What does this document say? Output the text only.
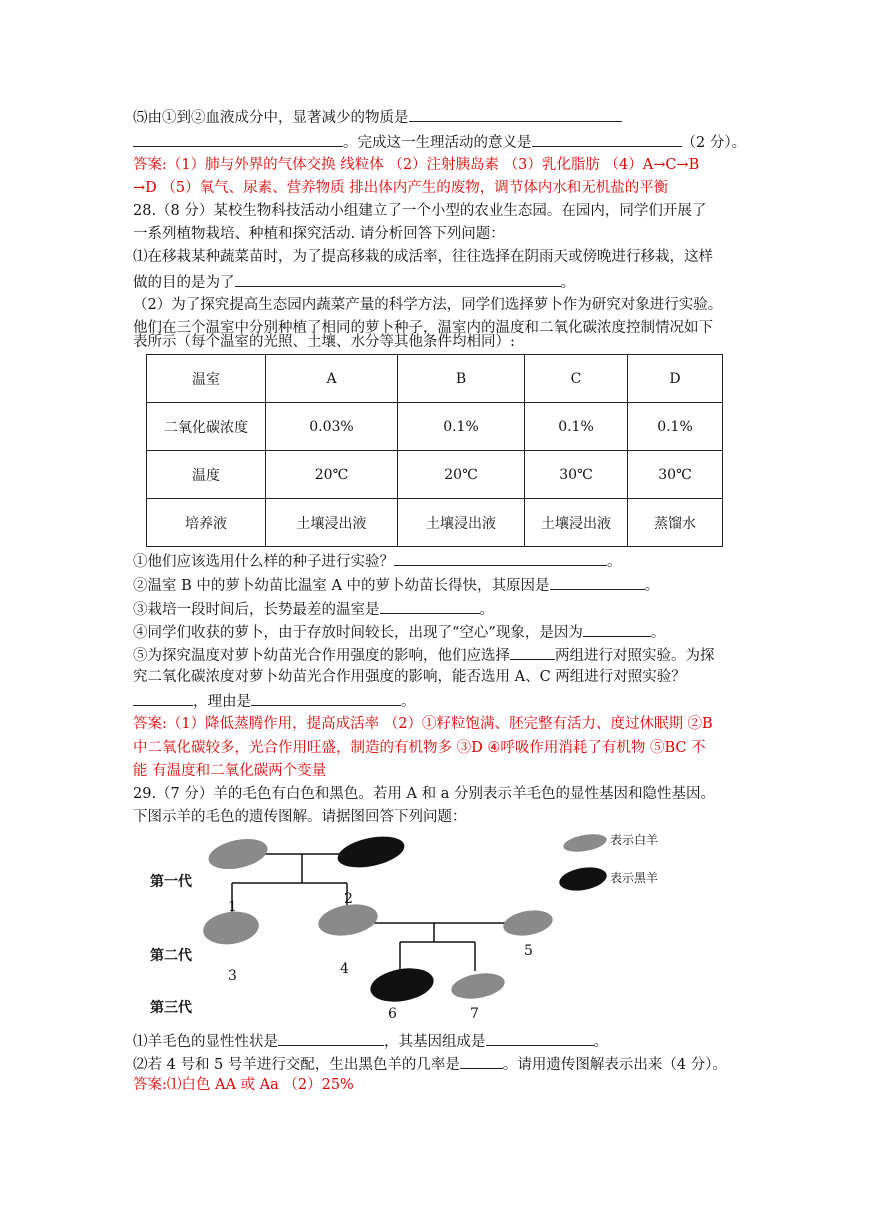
⑸由①到②血液成分中，显著减少的物质是
。完成这一生理活动的意义是	（2 分）。
答案:（1）肺与外界的气体交换 线粒体 （2）注射胰岛素 （3）乳化脂肪 （4）A→C→B
→D （5）氧气、尿素、营养物质 排出体内产生的废物，调节体内水和无机盐的平衡
28.（8 分）某校生物科技活动小组建立了一个小型的农业生态园。在园内，同学们开展了
一系列植物栽培、种植和探究活动. 请分析回答下列问题：
⑴在移栽某种蔬菜苗时，为了提高移栽的成活率，往往选择在阴雨天或傍晚进行移栽，这样
做的目的是为了	。
（2）为了探究提高生态园内蔬菜产量的科学方法，同学们选择萝卜作为研究对象进行实验。
他们在三个温室中分别种植了相同的萝卜种子，温室内的温度和二氧化碳浓度控制情况如下
表所示（每个温室的光照、土壤、水分等其他条件均相同）:
温室	A	B	C	D
二氧化碳浓度	0.03%	0.1%	0.1%	0.1%
温度	20℃	20℃	30℃	30℃
培养液	土壤浸出液	土壤浸出液	土壤浸出液	蒸馏水
①他们应该选用什么样的种子进行实验？	。
②温室 B 中的萝卜幼苗比温室 A 中的萝卜幼苗长得快，其原因是	。
③栽培一段时间后，长势最差的温室是	。
④同学们收获的萝卜，由于存放时间较长，出现了“空心”现象，是因为	。
⑤为探究温度对萝卜幼苗光合作用强度的影响，他们应选择	两组进行对照实验。为探
究二氧化碳浓度对萝卜幼苗光合作用强度的影响，能否选用 A、C 两组进行对照实验？
，理由是	。
答案:（1）降低蒸腾作用，提高成活率 （2）①籽粒饱满、胚完整有活力、度过休眠期 ②B
中二氧化碳较多，光合作用旺盛，制造的有机物多 ③D ④呼吸作用消耗了有机物 ⑤BC 不
能 有温度和二氧化碳两个变量
29.（7 分）羊的毛色有白色和黑色。若用 A 和 a 分别表示羊毛色的显性基因和隐性基因。
下图示羊的毛色的遗传图解。请据图回答下列问题：
第一代
第二代
第三代
1	2
3	4
5
6	7
表示白羊
表示黑羊
⑴羊毛色的显性性状是	，其基因组成是	。
⑵若 4 号和 5 号羊进行交配，生出黑色羊的几率是	。请用遗传图解表示出来（4 分）。
答案:⑴白色 AA 或 Aa （2）25%
